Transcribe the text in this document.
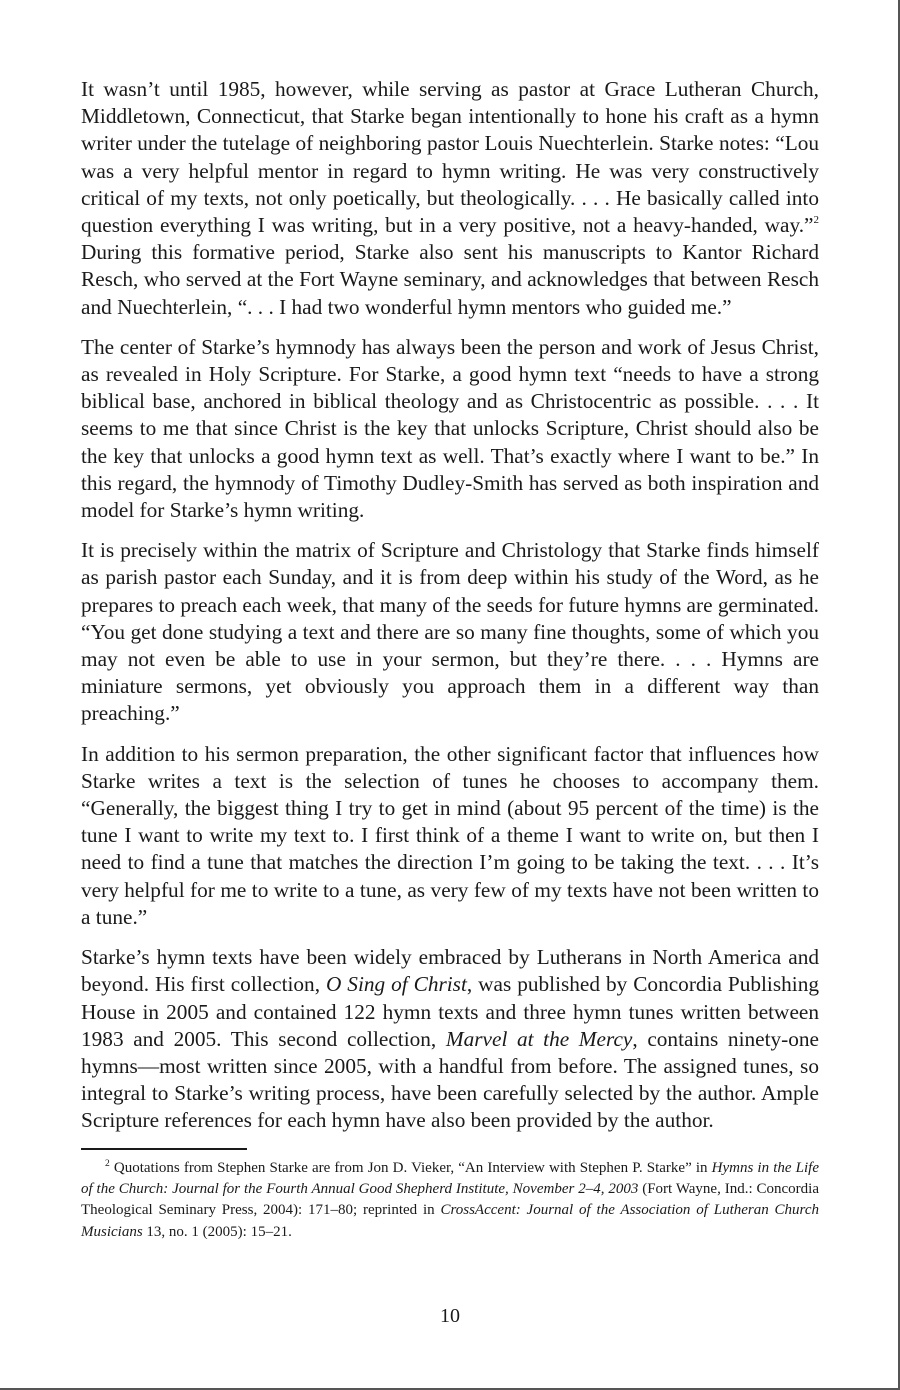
It wasn’t until 1985, however, while serving as pastor at Grace Lutheran Church, Middletown, Connecticut, that Starke began intentionally to hone his craft as a hymn writer under the tutelage of neighboring pastor Louis Nuechterlein. Starke notes: “Lou was a very helpful mentor in regard to hymn writing. He was very constructively critical of my texts, not only poetically, but theologically. . . . He basically called into question everything I was writing, but in a very positive, not a heavy-handed, way.”$^2$ During this formative period, Starke also sent his manuscripts to Kantor Richard Resch, who served at the Fort Wayne seminary, and acknowledges that between Resch and Nuechterlein, “. . . I had two wonderful hymn mentors who guided me.”

The center of Starke’s hymnody has always been the person and work of Jesus Christ, as revealed in Holy Scripture. For Starke, a good hymn text “needs to have a strong biblical base, anchored in biblical theology and as Christocentric as possible. . . . It seems to me that since Christ is the key that unlocks Scripture, Christ should also be the key that unlocks a good hymn text as well. That’s exactly where I want to be.” In this regard, the hymnody of Timothy Dudley-Smith has served as both inspiration and model for Starke’s hymn writing.

It is precisely within the matrix of Scripture and Christology that Starke finds himself as parish pastor each Sunday, and it is from deep within his study of the Word, as he prepares to preach each week, that many of the seeds for future hymns are germinated. “You get done studying a text and there are so many fine thoughts, some of which you may not even be able to use in your sermon, but they’re there. . . . Hymns are miniature sermons, yet obviously you approach them in a different way than preaching.”

In addition to his sermon preparation, the other significant factor that influences how Starke writes a text is the selection of tunes he chooses to accompany them. “Generally, the biggest thing I try to get in mind (about 95 percent of the time) is the tune I want to write my text to. I first think of a theme I want to write on, but then I need to find a tune that matches the direction I’m going to be taking the text. . . . It’s very helpful for me to write to a tune, as very few of my texts have not been written to a tune.”

Starke’s hymn texts have been widely embraced by Lutherans in North America and beyond. His first collection, O Sing of Christ, was published by Concordia Publishing House in 2005 and contained 122 hymn texts and three hymn tunes written between 1983 and 2005. This second collection, Marvel at the Mercy, contains ninety-one hymns—most written since 2005, with a handful from before. The assigned tunes, so integral to Starke’s writing process, have been carefully selected by the author. Ample Scripture references for each hymn have also been provided by the author.

$^2$ Quotations from Stephen Starke are from Jon D. Vieker, “An Interview with Stephen P. Starke” in Hymns in the Life of the Church: Journal for the Fourth Annual Good Shepherd Institute, November 2–4, 2003 (Fort Wayne, Ind.: Concordia Theological Seminary Press, 2004): 171–80; reprinted in CrossAccent: Journal of the Association of Lutheran Church Musicians 13, no. 1 (2005): 15–21.

10
